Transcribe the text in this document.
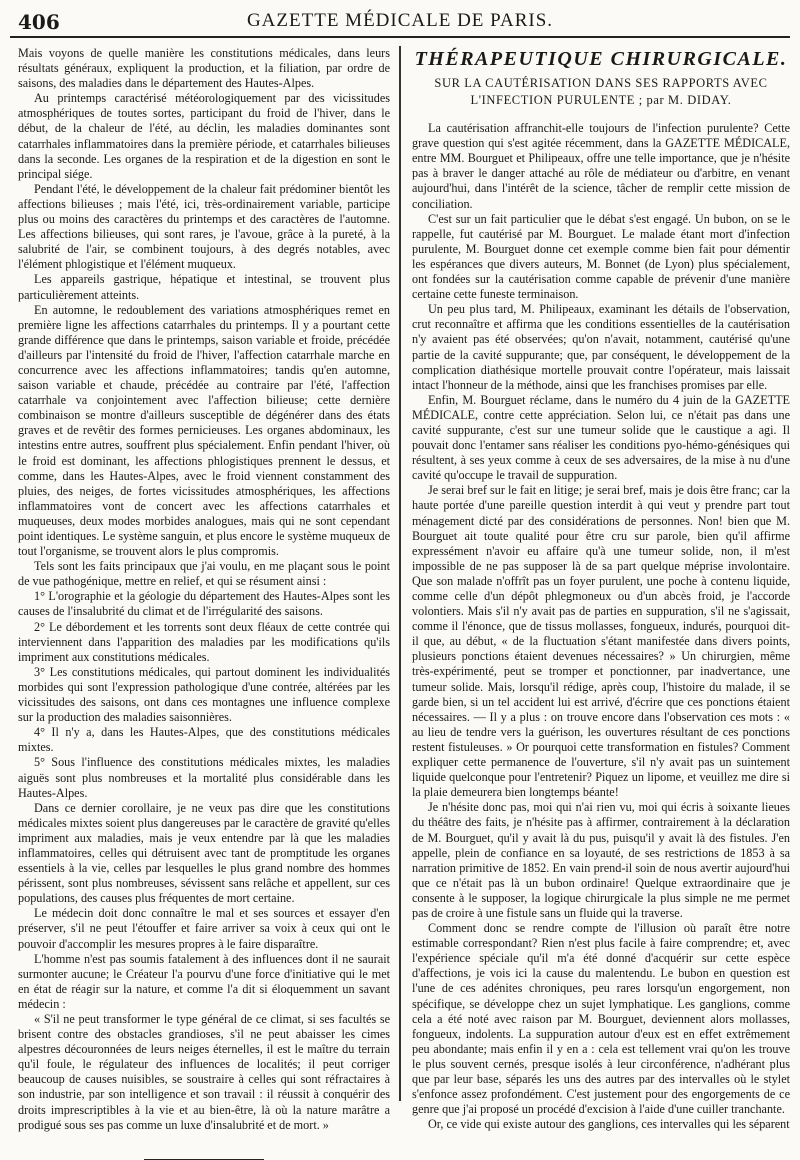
406	GAZETTE MÉDICALE DE PARIS.

Mais voyons de quelle manière les constitutions médicales, dans leurs résultats généraux, expliquent la production, et la filiation, par ordre de saisons, des maladies dans le département des Hautes-Alpes.

Au printemps caractérisé météorologiquement par des vicissitudes atmosphériques de toutes sortes, participant du froid de l'hiver, dans le début, de la chaleur de l'été, au déclin, les maladies dominantes sont catarrhales inflammatoires dans la première période, et catarrhales bilieuses dans la seconde. Les organes de la respiration et de la digestion en sont le principal siége.

Pendant l'été, le développement de la chaleur fait prédominer bientôt les affections bilieuses ; mais l'été, ici, très-ordinairement variable, participe plus ou moins des caractères du printemps et des caractères de l'automne. Les affections bilieuses, qui sont rares, je l'avoue, grâce à la pureté, à la salubrité de l'air, se combinent toujours, à des degrés notables, avec l'élément phlogistique et l'élément muqueux.

Les appareils gastrique, hépatique et intestinal, se trouvent plus particulièrement atteints.

En automne, le redoublement des variations atmosphériques remet en première ligne les affections catarrhales du printemps. Il y a pourtant cette grande différence que dans le printemps, saison variable et froide, précédée d'ailleurs par l'intensité du froid de l'hiver, l'affection catarrhale marche en concurrence avec les affections inflammatoires; tandis qu'en automne, saison variable et chaude, précédée au contraire par l'été, l'affection catarrhale va conjointement avec l'affection bilieuse; cette dernière combinaison se montre d'ailleurs susceptible de dégénérer dans des états graves et de revêtir des formes pernicieuses. Les organes abdominaux, les intestins entre autres, souffrent plus spécialement. Enfin pendant l'hiver, où le froid est dominant, les affections phlogistiques prennent le dessus, et comme, dans les Hautes-Alpes, avec le froid viennent constamment des pluies, des neiges, de fortes vicissitudes atmosphériques, les affections inflammatoires vont de concert avec les affections catarrhales et muqueuses, deux modes morbides analogues, mais qui ne sont cependant point identiques. Le système sanguin, et plus encore le système muqueux de tout l'organisme, se trouvent alors le plus compromis.

Tels sont les faits principaux que j'ai voulu, en me plaçant sous le point de vue pathogénique, mettre en relief, et qui se résument ainsi :

1° L'orographie et la géologie du département des Hautes-Alpes sont les causes de l'insalubrité du climat et de l'irrégularité des saisons.

2° Le débordement et les torrents sont deux fléaux de cette contrée qui interviennent dans l'apparition des maladies par les modifications qu'ils impriment aux constitutions médicales.

3° Les constitutions médicales, qui partout dominent les individualités morbides qui sont l'expression pathologique d'une contrée, altérées par les vicissitudes des saisons, ont dans ces montagnes une influence complexe sur la production des maladies saisonnières.

4° Il n'y a, dans les Hautes-Alpes, que des constitutions médicales mixtes.

5° Sous l'influence des constitutions médicales mixtes, les maladies aiguës sont plus nombreuses et la mortalité plus considérable dans les Hautes-Alpes.

Dans ce dernier corollaire, je ne veux pas dire que les constitutions médicales mixtes soient plus dangereuses par le caractère de gravité qu'elles impriment aux maladies, mais je veux entendre par là que les maladies inflammatoires, celles qui détruisent avec tant de promptitude les organes essentiels à la vie, celles par lesquelles le plus grand nombre des hommes périssent, sont plus nombreuses, sévissent sans relâche et appellent, sur ces populations, des causes plus fréquentes de mort certaine.

Le médecin doit donc connaître le mal et ses sources et essayer d'en préserver, s'il ne peut l'étouffer et faire arriver sa voix à ceux qui ont le pouvoir d'accomplir les mesures propres à le faire disparaître.

L'homme n'est pas soumis fatalement à des influences dont il ne saurait surmonter aucune; le Créateur l'a pourvu d'une force d'initiative qui le met en état de réagir sur la nature, et comme l'a dit si éloquemment un savant médecin :

« S'il ne peut transformer le type général de ce climat, si ses facultés se brisent contre des obstacles grandioses, s'il ne peut abaisser les cimes alpestres découronnées de leurs neiges éternelles, il est le maître du terrain qu'il foule, le régulateur des influences de localités; il peut corriger beaucoup de causes nuisibles, se soustraire à celles qui sont réfractaires à son industrie, par son intelligence et son travail : il réussit à conquérir des droits imprescriptibles à la vie et au bien-être, là où la nature marâtre a prodigué sous ses pas comme un luxe d'insalubrité et de mort. »

THÉRAPEUTIQUE CHIRURGICALE.
SUR LA CAUTÉRISATION DANS SES RAPPORTS AVEC L'INFECTION PURULENTE ; par M. DIDAY.

La cautérisation affranchit-elle toujours de l'infection purulente? Cette grave question qui s'est agitée récemment, dans la GAZETTE MÉDICALE, entre MM. Bourguet et Philipeaux, offre une telle importance, que je n'hésite pas à braver le danger attaché au rôle de médiateur ou d'arbitre, en venant aujourd'hui, dans l'intérêt de la science, tâcher de remplir cette mission de conciliation.

C'est sur un fait particulier que le débat s'est engagé. Un bubon, on se le rappelle, fut cautérisé par M. Bourguet. Le malade étant mort d'infection purulente, M. Bourguet donne cet exemple comme bien fait pour démentir les espérances que divers auteurs, M. Bonnet (de Lyon) plus spécialement, ont fondées sur la cautérisation comme capable de prévenir d'une manière certaine cette funeste terminaison.

Un peu plus tard, M. Philipeaux, examinant les détails de l'observation, crut reconnaître et affirma que les conditions essentielles de la cautérisation n'y avaient pas été observées; qu'on n'avait, notamment, cautérisé qu'une partie de la cavité suppurante; que, par conséquent, le développement de la complication diathésique mortelle prouvait contre l'opérateur, mais laissait intact l'honneur de la méthode, ainsi que les franchises promises par elle.

Enfin, M. Bourguet réclame, dans le numéro du 4 juin de la GAZETTE MÉDICALE, contre cette appréciation. Selon lui, ce n'était pas dans une cavité suppurante, c'est sur une tumeur solide que le caustique a agi. Il pouvait donc l'entamer sans réaliser les conditions pyo-hémo-génésiques qui résultent, à ses yeux comme à ceux de ses adversaires, de la mise à nu d'une cavité qu'occupe le travail de suppuration.

Je serai bref sur le fait en litige; je serai bref, mais je dois être franc; car la haute portée d'une pareille question interdit à qui veut y prendre part tout ménagement dicté par des considérations de personnes. Non! bien que M. Bourguet ait toute qualité pour être cru sur parole, bien qu'il affirme expressément n'avoir eu affaire qu'à une tumeur solide, non, il m'est impossible de ne pas supposer là de sa part quelque méprise involontaire. Que son malade n'offrît pas un foyer purulent, une poche à contenu liquide, comme celle d'un dépôt phlegmoneux ou d'un abcès froid, je l'accorde volontiers. Mais s'il n'y avait pas de parties en suppuration, s'il ne s'agissait, comme il l'énonce, que de tissus mollasses, fongueux, indurés, pourquoi dit-il que, au début, « de la fluctuation s'étant manifestée dans divers points, plusieurs ponctions étaient devenues nécessaires? » Un chirurgien, même très-expérimenté, peut se tromper et ponctionner, par inadvertance, une tumeur solide. Mais, lorsqu'il rédige, après coup, l'histoire du malade, il se garde bien, si un tel accident lui est arrivé, d'écrire que ces ponctions étaient nécessaires. — Il y a plus : on trouve encore dans l'observation ces mots : « au lieu de tendre vers la guérison, les ouvertures résultant de ces ponctions restent fistuleuses. » Or pourquoi cette transformation en fistules? Comment expliquer cette permanence de l'ouverture, s'il n'y avait pas un suintement liquide quelconque pour l'entretenir? Piquez un lipome, et veuillez me dire si la plaie demeurera bien longtemps béante!

Je n'hésite donc pas, moi qui n'ai rien vu, moi qui écris à soixante lieues du théâtre des faits, je n'hésite pas à affirmer, contrairement à la déclaration de M. Bourguet, qu'il y avait là du pus, puisqu'il y avait là des fistules. J'en appelle, plein de confiance en sa loyauté, de ses restrictions de 1853 à sa narration primitive de 1852. En vain prend-il soin de nous avertir aujourd'hui que ce n'était pas là un bubon ordinaire! Quelque extraordinaire que je consente à le supposer, la logique chirurgicale la plus simple ne me permet pas de croire à une fistule sans un fluide qui la traverse.

Comment donc se rendre compte de l'illusion où paraît être notre estimable correspondant? Rien n'est plus facile à faire comprendre; et, avec l'expérience spéciale qu'il m'a été donné d'acquérir sur cette espèce d'affections, je vois ici la cause du malentendu. Le bubon en question est l'une de ces adénites chroniques, peu rares lorsqu'un engorgement, non spécifique, se développe chez un sujet lymphatique. Les ganglions, comme cela a été noté avec raison par M. Bourguet, deviennent alors mollasses, fongueux, indolents. La suppuration autour d'eux est en effet extrêmement peu abondante; mais enfin il y en a : cela est tellement vrai qu'on les trouve le plus souvent cernés, presque isolés à leur circonférence, n'adhérant plus que par leur base, séparés les uns des autres par des intervalles où le stylet s'enfonce assez profondément. C'est justement pour des engorgements de ce genre que j'ai proposé un procédé d'excision à l'aide d'une cuiller tranchante.

Or, ce vide qui existe autour des ganglions, ces intervalles qui les séparent
